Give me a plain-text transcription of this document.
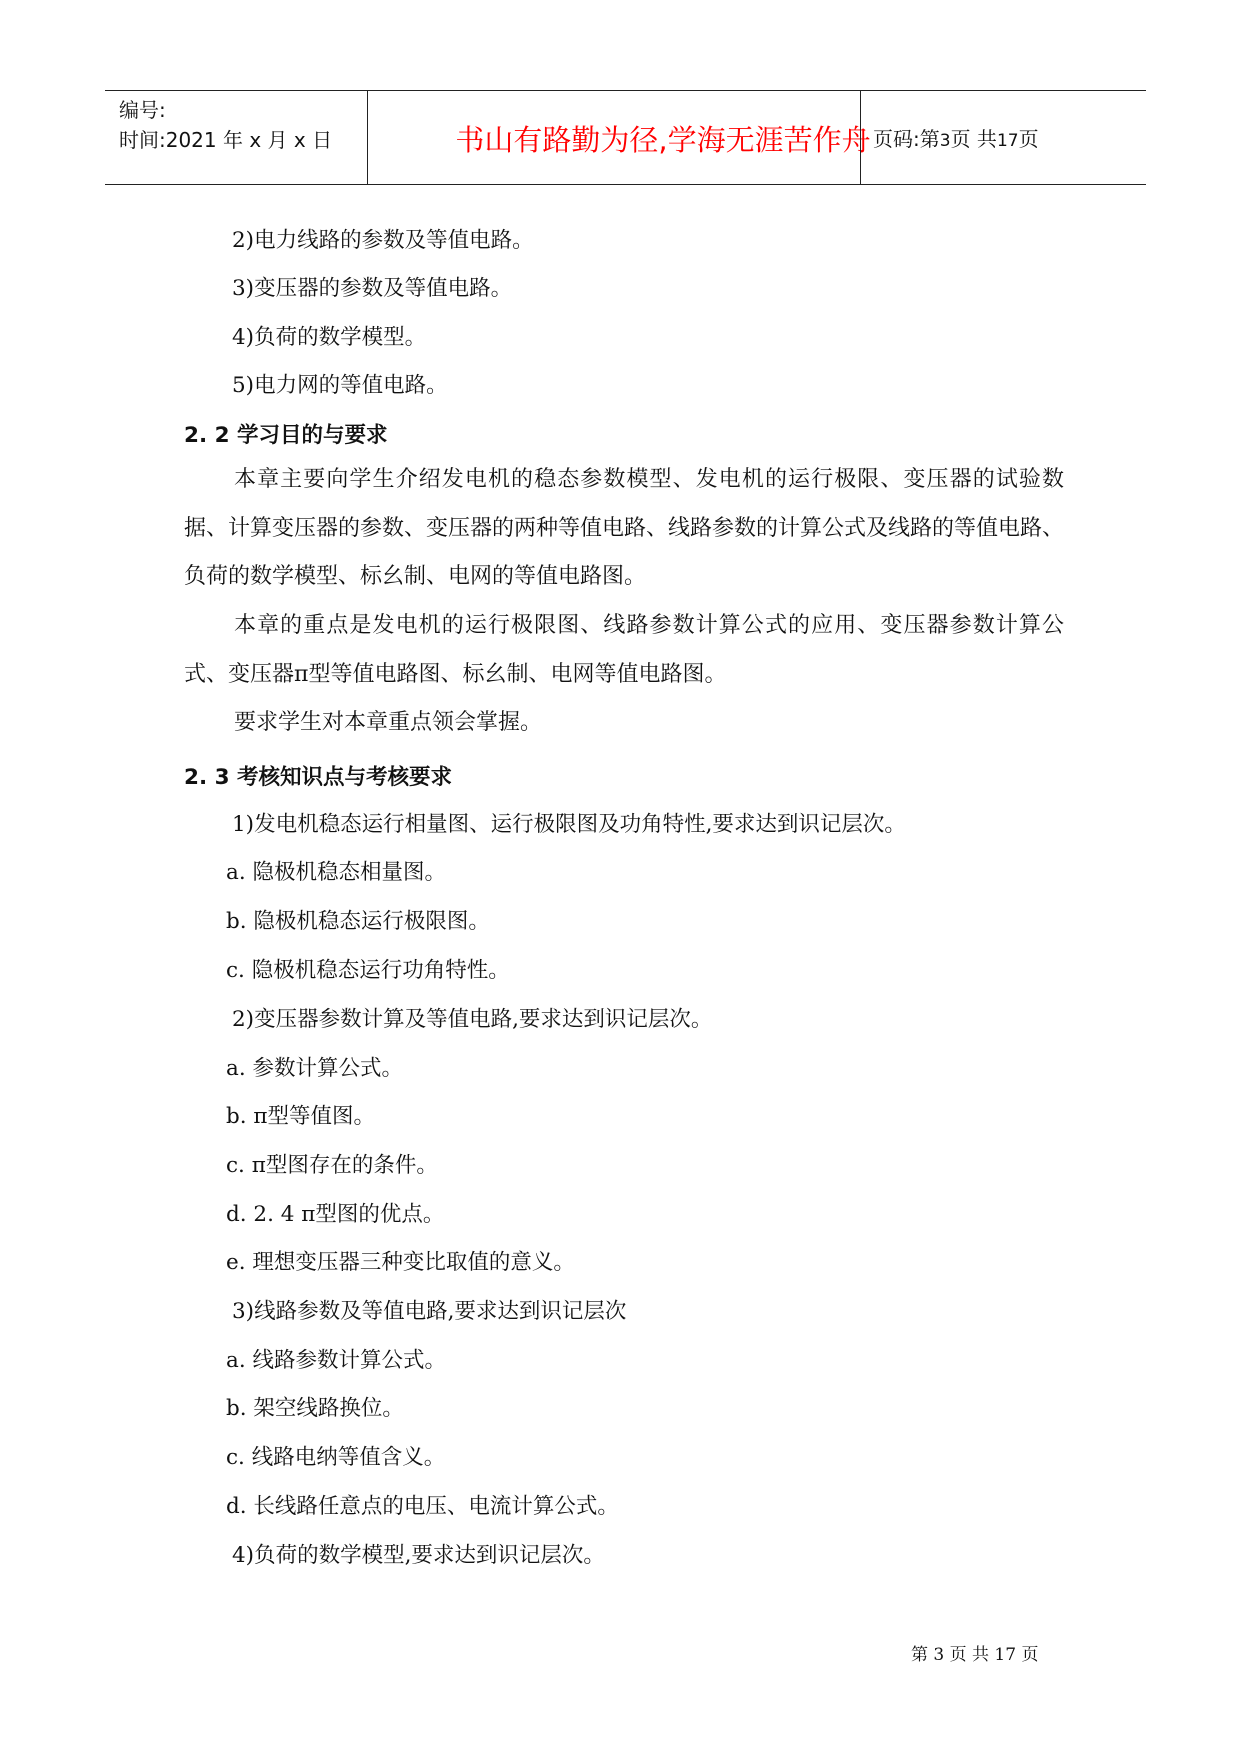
编号:
时间:2021 年 x 月 x 日	书山有路勤为径,学海无涯苦作舟 页码:第3页 共17页
2)电力线路的参数及等值电路。
3)变压器的参数及等值电路。
4)负荷的数学模型。
5)电力网的等值电路。
2. 2 学习目的与要求
本章主要向学生介绍发电机的稳态参数模型、发电机的运行极限、变压器的试验数据、计算变压器的参数、变压器的两种等值电路、线路参数的计算公式及线路的等值电路、负荷的数学模型、标幺制、电网的等值电路图。
本章的重点是发电机的运行极限图、线路参数计算公式的应用、变压器参数计算公式、变压器π型等值电路图、标幺制、电网等值电路图。
要求学生对本章重点领会掌握。
2. 3 考核知识点与考核要求
1)发电机稳态运行相量图、运行极限图及功角特性,要求达到识记层次。
a. 隐极机稳态相量图。
b. 隐极机稳态运行极限图。
c. 隐极机稳态运行功角特性。
2)变压器参数计算及等值电路,要求达到识记层次。
a. 参数计算公式。
b. π型等值图。
c. π型图存在的条件。
d. 2. 4 π型图的优点。
e. 理想变压器三种变比取值的意义。
3)线路参数及等值电路,要求达到识记层次
a. 线路参数计算公式。
b. 架空线路换位。
c. 线路电纳等值含义。
d. 长线路任意点的电压、电流计算公式。
4)负荷的数学模型,要求达到识记层次。
第 3 页 共 17 页
